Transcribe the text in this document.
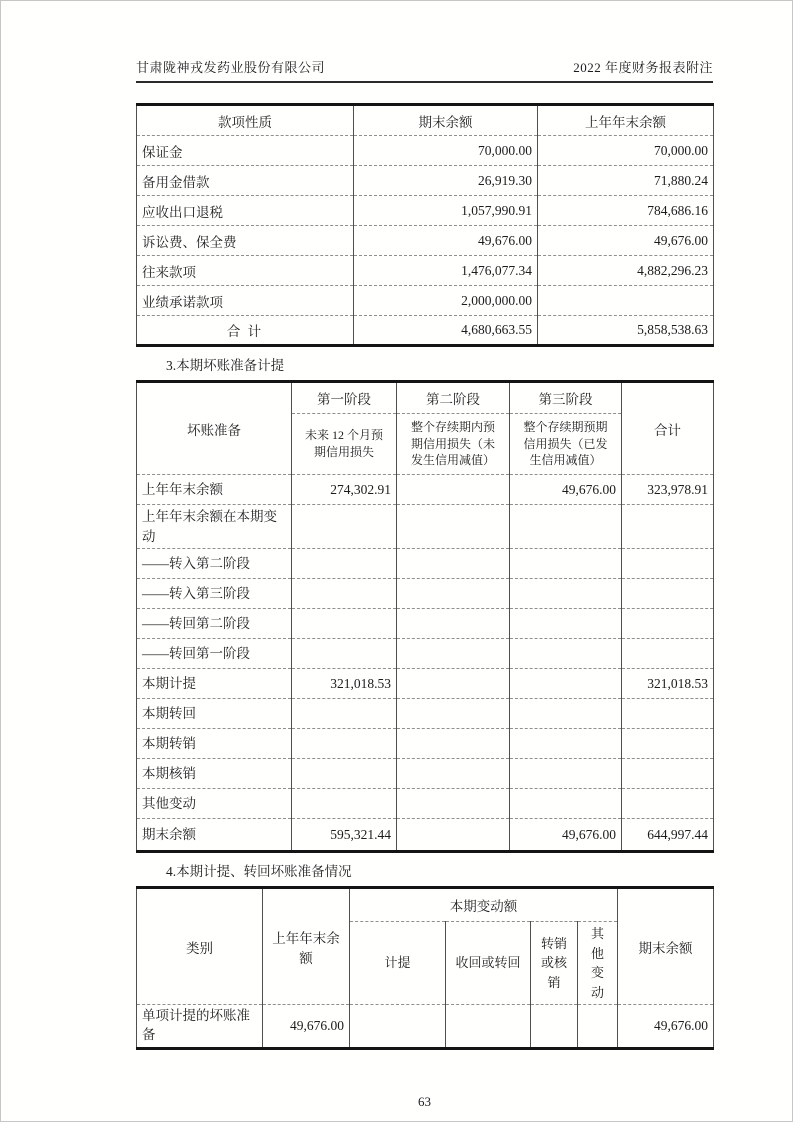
甘肃陇神戎发药业股份有限公司	2022 年度财务报表附注
款项性质	期末余额	上年年末余额
保证金	70,000.00	70,000.00
备用金借款	26,919.30	71,880.24
应收出口退税	1,057,990.91	784,686.16
诉讼费、保全费	49,676.00	49,676.00
往来款项	1,476,077.34	4,882,296.23
业绩承诺款项	2,000,000.00	
合 计	4,680,663.55	5,858,538.63
3.本期坏账准备计提
坏账准备	第一阶段	第二阶段	第三阶段	合计
	未来 12 个月预期信用损失	整个存续期内预期信用损失（未发生信用减值）	整个存续期预期信用损失（已发生信用减值）	
上年年末余额	274,302.91		49,676.00	323,978.91
上年年末余额在本期变动				
——转入第二阶段				
——转入第三阶段				
——转回第二阶段				
——转回第一阶段				
本期计提	321,018.53			321,018.53
本期转回				
本期转销				
本期核销				
其他变动				
期末余额	595,321.44		49,676.00	644,997.44
4.本期计提、转回坏账准备情况
类别	上年年末余额	本期变动额				期末余额
		计提	收回或转回	转销或核销	其他变动	
单项计提的坏账准备	49,676.00					49,676.00
63
